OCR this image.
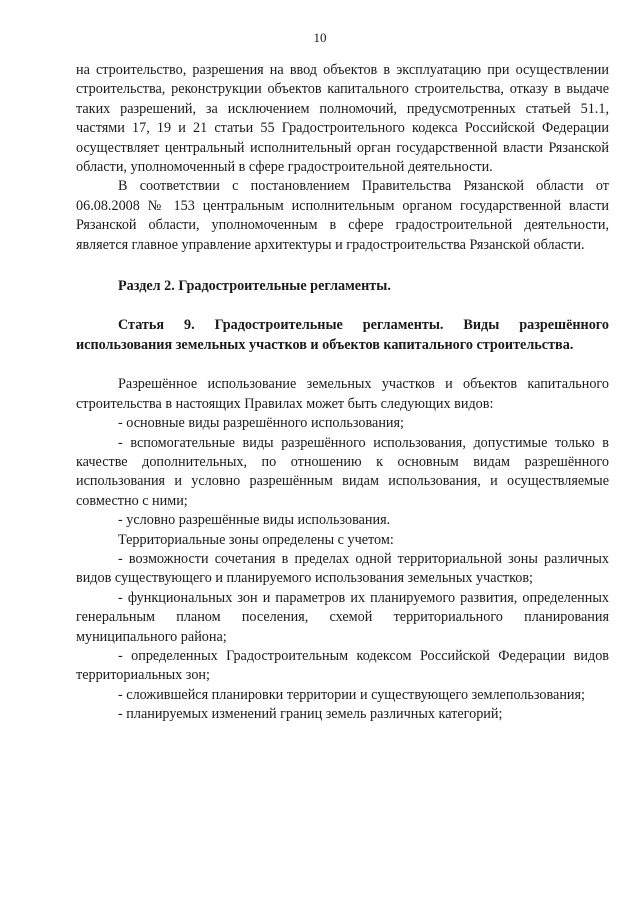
10

на строительство, разрешения на ввод объектов в эксплуатацию при осуществлении строительства, реконструкции объектов капитального строительства, отказу в выдаче таких разрешений, за исключением полномочий, предусмотренных статьей 51.1, частями 17, 19 и 21 статьи 55 Градостроительного кодекса Российской Федерации осуществляет центральный исполнительный орган государственной власти Рязанской области, уполномоченный в сфере градостроительной деятельности.

В соответствии с постановлением Правительства Рязанской области от 06.08.2008 № 153 центральным исполнительным органом государственной власти Рязанской области, уполномоченным в сфере градостроительной деятельности, является главное управление архитектуры и градостроительства Рязанской области.

Раздел 2. Градостроительные регламенты.

Статья 9. Градостроительные регламенты. Виды разрешённого использования земельных участков и объектов капитального строительства.

Разрешённое использование земельных участков и объектов капитального строительства в настоящих Правилах может быть следующих видов:

- основные виды разрешённого использования;

- вспомогательные виды разрешённого использования, допустимые только в качестве дополнительных, по отношению к основным видам разрешённого использования и условно разрешённым видам использования, и осуществляемые совместно с ними;

- условно разрешённые виды использования.

Территориальные зоны определены с учетом:

- возможности сочетания в пределах одной территориальной зоны различных видов существующего и планируемого использования земельных участков;

- функциональных зон и параметров их планируемого развития, определенных генеральным планом поселения, схемой территориального планирования муниципального района;

- определенных Градостроительным кодексом Российской Федерации видов территориальных зон;

- сложившейся планировки территории и существующего землепользования;

- планируемых изменений границ земель различных категорий;
